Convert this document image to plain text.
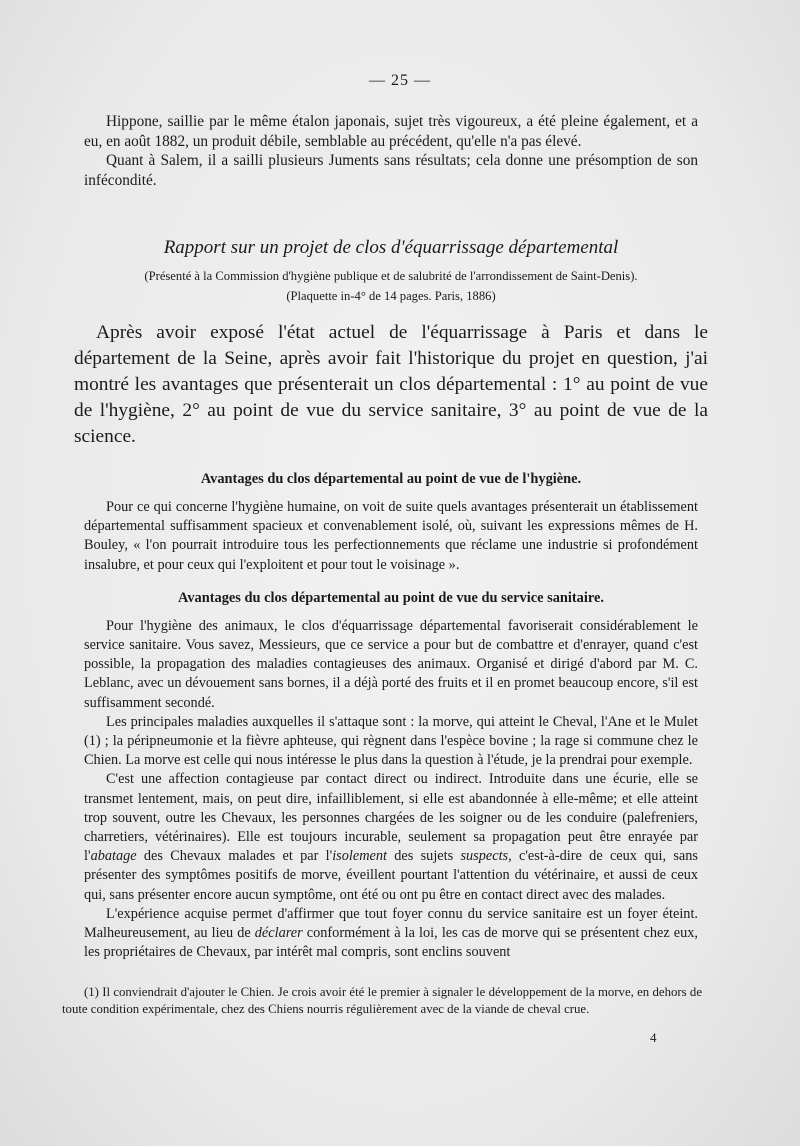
— 25 —

Hippone, saillie par le même étalon japonais, sujet très vigoureux, a été pleine également, et a eu, en août 1882, un produit débile, semblable au précédent, qu'elle n'a pas élevé.

Quant à Salem, il a sailli plusieurs Juments sans résultats; cela donne une présomption de son infécondité.

Rapport sur un projet de clos d'équarrissage départemental
(Présenté à la Commission d'hygiène publique et de salubrité de l'arrondissement de Saint-Denis).
(Plaquette in-4° de 14 pages. Paris, 1886)

Après avoir exposé l'état actuel de l'équarrissage à Paris et dans le département de la Seine, après avoir fait l'historique du projet en question, j'ai montré les avantages que présenterait un clos départemental : 1° au point de vue de l'hygiène, 2° au point de vue du service sanitaire, 3° au point de vue de la science.

Avantages du clos départemental au point de vue de l'hygiène.

Pour ce qui concerne l'hygiène humaine, on voit de suite quels avantages présenterait un établissement départemental suffisamment spacieux et convenablement isolé, où, suivant les expressions mêmes de H. Bouley, « l'on pourrait introduire tous les perfectionnements que réclame une industrie si profondément insalubre, et pour ceux qui l'exploitent et pour tout le voisinage ».

Avantages du clos départemental au point de vue du service sanitaire.

Pour l'hygiène des animaux, le clos d'équarrissage départemental favoriserait considérablement le service sanitaire. Vous savez, Messieurs, que ce service a pour but de combattre et d'enrayer, quand c'est possible, la propagation des maladies contagieuses des animaux. Organisé et dirigé d'abord par M. C. Leblanc, avec un dévouement sans bornes, il a déjà porté des fruits et il en promet beaucoup encore, s'il est suffisamment secondé.

Les principales maladies auxquelles il s'attaque sont : la morve, qui atteint le Cheval, l'Ane et le Mulet (1) ; la péripneumonie et la fièvre aphteuse, qui règnent dans l'espèce bovine ; la rage si commune chez le Chien. La morve est celle qui nous intéresse le plus dans la question à l'étude, je la prendrai pour exemple.

C'est une affection contagieuse par contact direct ou indirect. Introduite dans une écurie, elle se transmet lentement, mais, on peut dire, infailliblement, si elle est abandonnée à elle-même; et elle atteint trop souvent, outre les Chevaux, les personnes chargées de les soigner ou de les conduire (palefreniers, charretiers, vétérinaires). Elle est toujours incurable, seulement sa propagation peut être enrayée par l'abatage des Chevaux malades et par l'isolement des sujets suspects, c'est-à-dire de ceux qui, sans présenter des symptômes positifs de morve, éveillent pourtant l'attention du vétérinaire, et aussi de ceux qui, sans présenter encore aucun symptôme, ont été ou ont pu être en contact direct avec des malades.

L'expérience acquise permet d'affirmer que tout foyer connu du service sanitaire est un foyer éteint. Malheureusement, au lieu de déclarer conformément à la loi, les cas de morve qui se présentent chez eux, les propriétaires de Chevaux, par intérêt mal compris, sont enclins souvent

(1) Il conviendrait d'ajouter le Chien. Je crois avoir été le premier à signaler le développement de la morve, en dehors de toute condition expérimentale, chez des Chiens nourris régulièrement avec de la viande de cheval crue.

4
